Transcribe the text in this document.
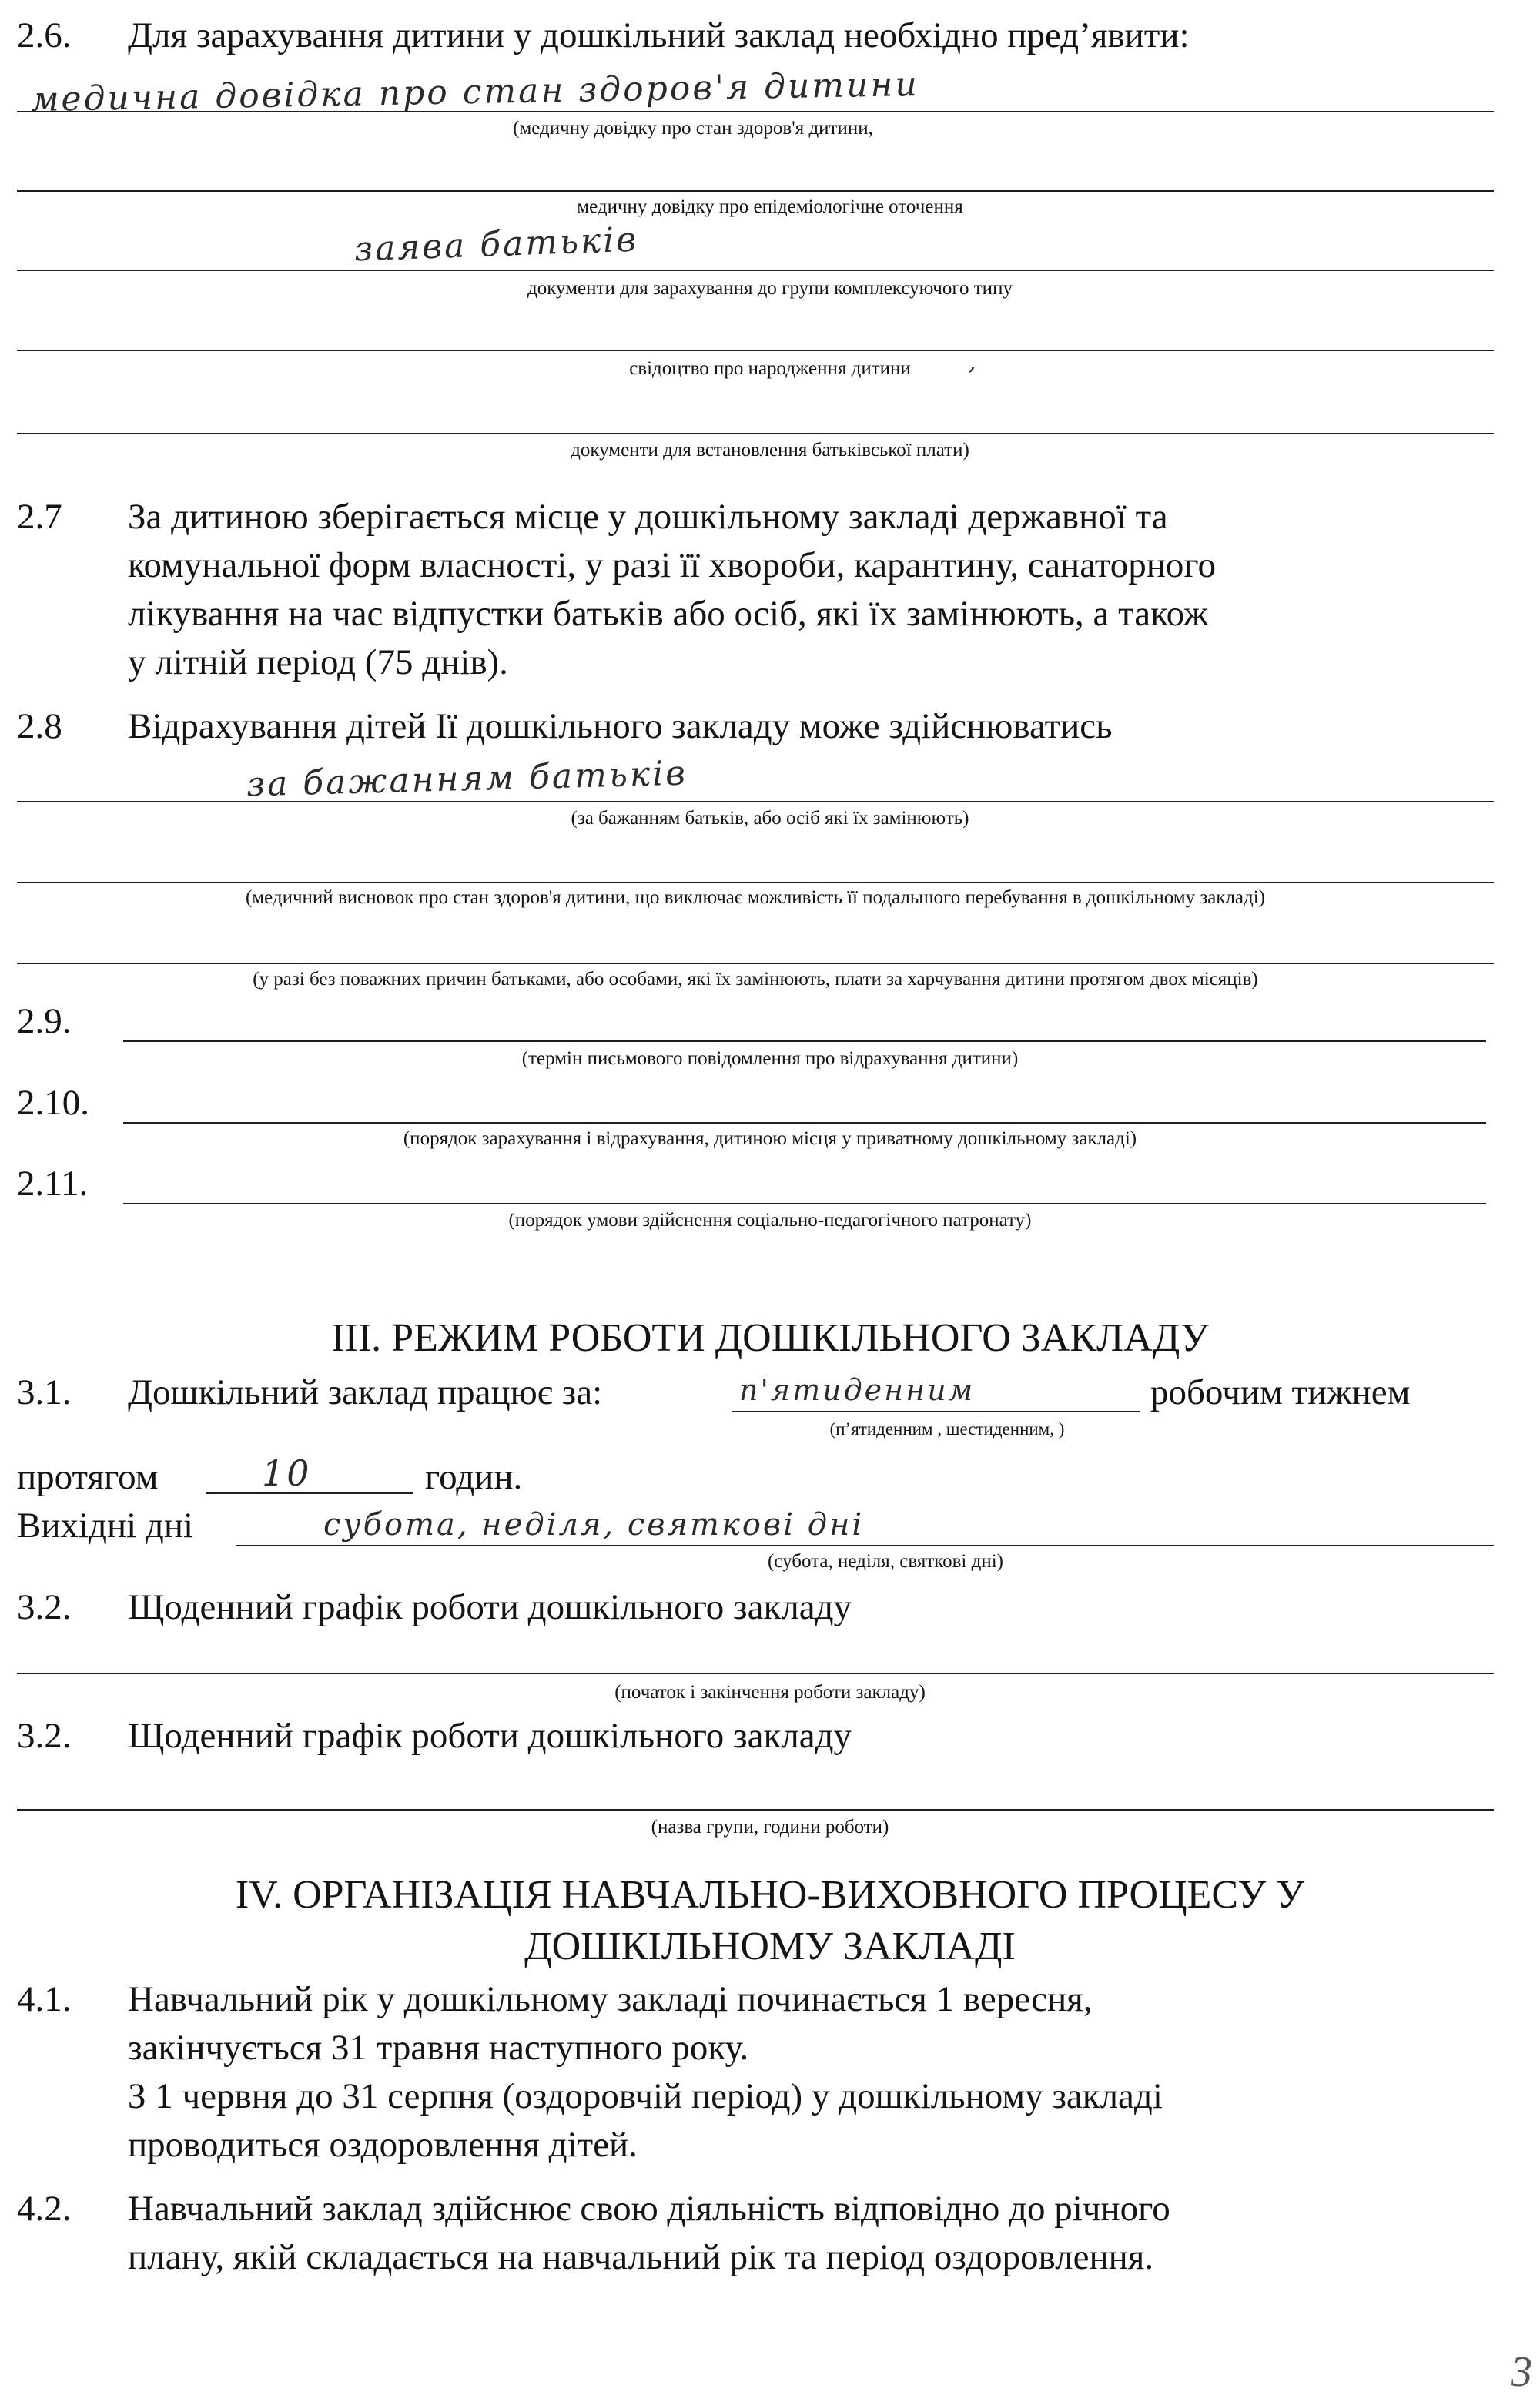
2.6. Для зарахування дитини у дошкільний заклад необхідно пред’явити:
медична довідка про стан здоров'я дитини
(медичну довідку про стан здоров'я дитини,
медичну довідку про епідеміологічне оточення
заява батьків
документи для зарахування до групи комплексуючого типу
свідоцтво про народження дитини	,
документи для встановлення батьківської плати)
2.7 За дитиною зберігається місце у дошкільному закладі державної та
комунальної форм власності, у разі її хвороби, карантину, санаторного
лікування на час відпустки батьків або осіб, які їх замінюють, а також
у літній період (75 днів).
2.8 Відрахування дітей Ії дошкільного закладу може здійснюватись
за бажанням батьків
(за бажанням батьків, або осіб які їх замінюють)
(медичний висновок про стан здоров'я дитини, що виключає можливість її подальшого перебування в дошкільному закладі)
(у разі без поважних причин батьками, або особами, які їх замінюють, плати за харчування дитини протягом двох місяців)
2.9.
(термін письмового повідомлення про відрахування дитини)
2.10.
(порядок зарахування і відрахування, дитиною місця у приватному дошкільному закладі)
2.11.
(порядок умови здійснення соціально-педагогічного патронату)
III. РЕЖИМ РОБОТИ ДОШКІЛЬНОГО ЗАКЛАДУ
3.1. Дошкільний заклад працює за:	п'ятиденним	робочим тижнем
(п’ятиденним , шестиденним, )
протягом	10	годин.
Вихідні дні	субота, неділя, святкові дні
(субота, неділя, святкові дні)
3.2. Щоденний графік роботи дошкільного закладу
(початок і закінчення роботи закладу)
3.2. Щоденний графік роботи дошкільного закладу
(назва групи, години роботи)
IV. ОРГАНІЗАЦІЯ НАВЧАЛЬНО-ВИХОВНОГО ПРОЦЕСУ У
ДОШКІЛЬНОМУ ЗАКЛАДІ
4.1. Навчальний рік у дошкільному закладі починається 1 вересня,
закінчується 31 травня наступного року.
З 1 червня до 31 серпня (оздоровчій період) у дошкільному закладі
проводиться оздоровлення дітей.
4.2. Навчальний заклад здійснює свою діяльність відповідно до річного
плану, якій складається на навчальний рік та період оздоровлення.
3
